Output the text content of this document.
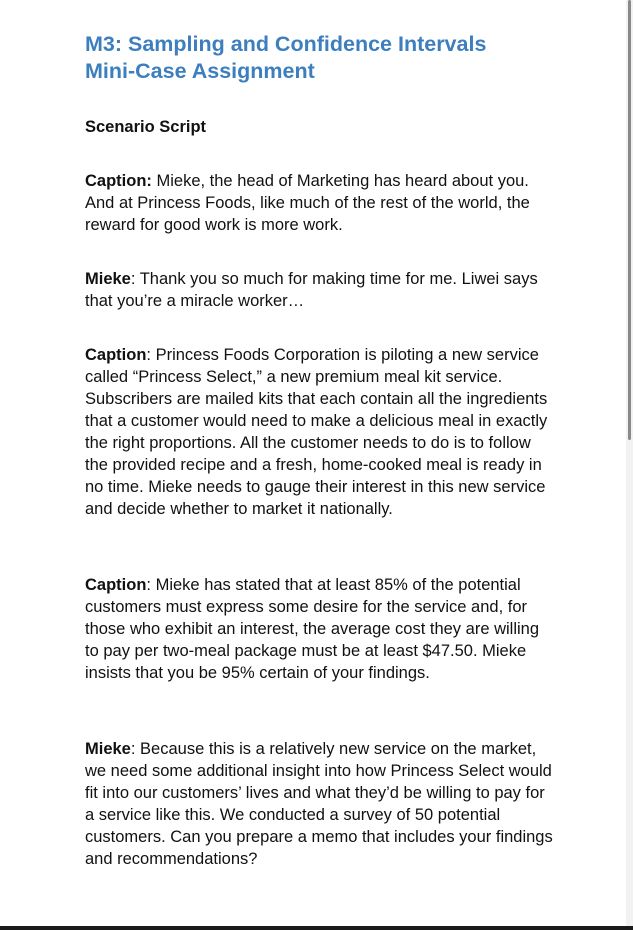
M3: Sampling and Confidence Intervals
Mini-Case Assignment
Scenario Script

Caption: Mieke, the head of Marketing has heard about you. And at Princess Foods, like much of the rest of the world, the reward for good work is more work.

Mieke: Thank you so much for making time for me. Liwei says that you’re a miracle worker…

Caption: Princess Foods Corporation is piloting a new service called “Princess Select,” a new premium meal kit service. Subscribers are mailed kits that each contain all the ingredients that a customer would need to make a delicious meal in exactly the right proportions. All the customer needs to do is to follow the provided recipe and a fresh, home-cooked meal is ready in no time. Mieke needs to gauge their interest in this new service and decide whether to market it nationally.

Caption: Mieke has stated that at least 85% of the potential customers must express some desire for the service and, for those who exhibit an interest, the average cost they are willing to pay per two-meal package must be at least $47.50. Mieke insists that you be 95% certain of your findings.

Mieke: Because this is a relatively new service on the market, we need some additional insight into how Princess Select would fit into our customers’ lives and what they’d be willing to pay for a service like this. We conducted a survey of 50 potential customers. Can you prepare a memo that includes your findings and recommendations?
